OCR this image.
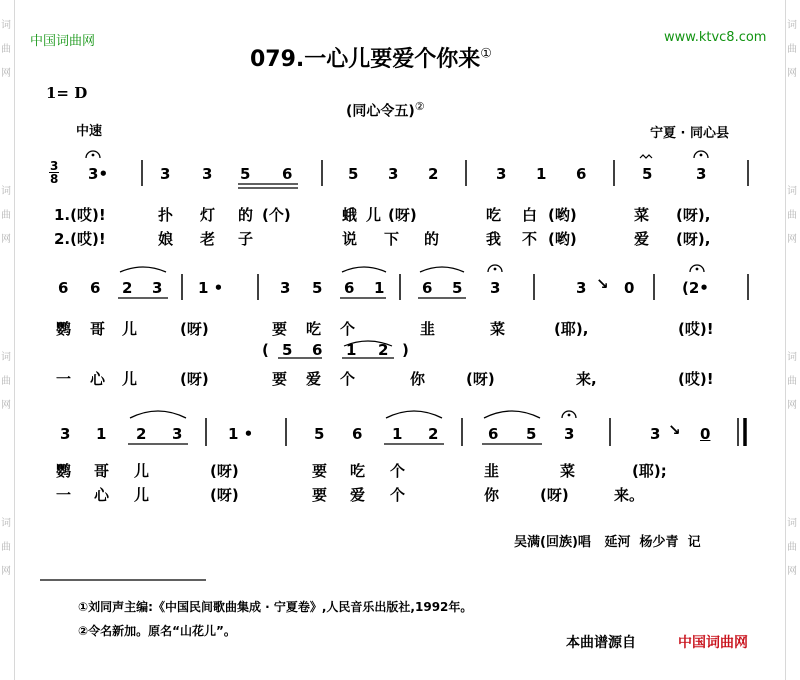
词
曲
网
词
曲
网
词
曲
网
词
曲
网
词
曲
网
词
曲
网
词
曲
网
词
曲
网
中国词曲网	www.ktvc8.com
079.一心儿要爱个你来①
1= D
(同心令五)②
中速	宁夏 · 同心县
3
8 3•	3 3 5 6	5 3 2	3 1 6	5	3
1.(哎)!	扑 灯 的 (个)	蛾 儿 (呀)	吃 白 (哟)	菜 (呀),
2.(哎)!	娘 老 子	说 下 的	我 不 (哟)	爱 (呀),
6 6 2 3 1 •	3 5 6 1	6 5 3	3 ↘ 0	(2•
鹦 哥 儿	(呀)	要 吃 个	韭	菜	(耶),	(哎)!
( 5 6 1 2 )
一 心 儿	(呀)	要 爱 个	你	(呀)	来,	(哎)!
3 1 2 3	1 •	5 6 1 2	6 5 3	3 ↘ 0
鹦 哥 儿	(呀)	要 吃 个	韭	菜	(耶);
一 心 儿	(呀)	要 爱 个	你	(呀)	来。
吴满(回族)唱   延河  杨少青  记
①刘同声主编:《中国民间歌曲集成 · 宁夏卷》,人民音乐出版社,1992年。
②令名新加。原名“山花儿”。
本曲谱源自	中国词曲网
